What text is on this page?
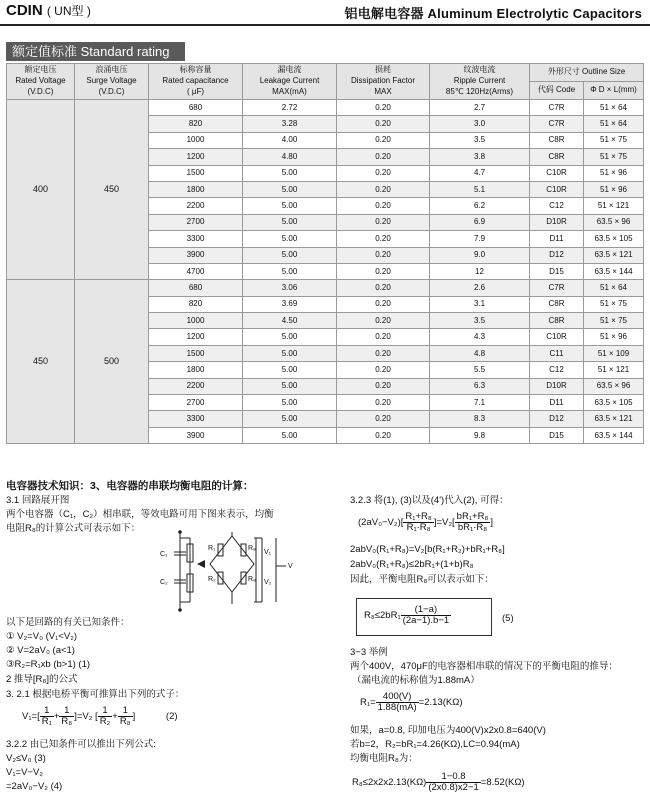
CDIN ( UN型 )	铝电解电容器 Aluminum Electrolytic Capacitors
额定值标准 Standard rating
额定电压
Rated Voltage
(V.D.C)	浪涌电压
Surge Voltage
(V.D.C)	标称容量
Rated capacitance
( μF)	漏电流
Leakage Current
MAX(mA)	损耗
Dissipation Factor
MAX	纹波电流
Ripple Current
85℃ 120Hz(Arms)	外形尺寸 Outline Size	
						代码 Code	Φ D × L(mm)
400	450	680	2.72	0.20	2.7	C7R	51 × 64
		820	3.28	0.20	3.0	C7R	51 × 64
		1000	4.00	0.20	3.5	C8R	51 × 75
		1200	4.80	0.20	3.8	C8R	51 × 75
		1500	5.00	0.20	4.7	C10R	51 × 96
		1800	5.00	0.20	5.1	C10R	51 × 96
		2200	5.00	0.20	6.2	C12	51 × 121
		2700	5.00	0.20	6.9	D10R	63.5 × 96
		3300	5.00	0.20	7.9	D11	63.5 × 105
		3900	5.00	0.20	9.0	D12	63.5 × 121
		4700	5.00	0.20	12	D15	63.5 × 144
450	500	680	3.06	0.20	2.6	C7R	51 × 64
		820	3.69	0.20	3.1	C8R	51 × 75
		1000	4.50	0.20	3.5	C8R	51 × 75
		1200	5.00	0.20	4.3	C10R	51 × 96
		1500	5.00	0.20	4.8	C11	51 × 109
		1800	5.00	0.20	5.5	C12	51 × 121
		2200	5.00	0.20	6.3	D10R	63.5 × 96
		2700	5.00	0.20	7.1	D11	63.5 × 105
		3300	5.00	0.20	8.3	D12	63.5 × 121
		3900	5.00	0.20	9.8	D15	63.5 × 144
电容器技术知识：3、电容器的串联均衡电阻的计算：
3.1 回路展开图
两个电容器（C₁，C₂）相串联，等效电路可用下图来表示，均衡
电阻R₈的计算公式可表示如下：
C₁
C₂
R₁
R₂
R₈
R₈
V₁
V₂
V
以下是回路的有关已知条件：
① V₂=V₀ (V₁<V₂)
② V=2aV₀ (a<1)
③R₂=R₁xb (b>1) (1)
2 推导[R₈]的公式
3. 2.1 根据电桥平衡可推算出下列的式子：
$V_1=[ \frac{1}{\text{R₁}} + \frac{1}{\text{R₈}} ]=V_2$ [ $\frac{1}{\text{R₂}} + \frac{1}{\text{R₈}}$ ]	(2)
3.2.2 由已知条件可以推出下列公式:
V₂≤V₀ (3)
V₁=V−V₂
=2aV₀−V₂ (4)
3.2.3 将(1), (3)以及(4')代入(2), 可得：
$(2aV_0-V_2)[ \frac{\text{R₁+R₈}}{\text{R₁·R₈}} ]=V_2[ \frac{\text{bR₁+R₈}}{\text{bR₁·R₈}}$ ]
2abV₀(R₁+R₈)=V₂[b(R₁+R₂)+bR₁+R₈]
2abV₀(R₁+R₈)≤2bR₁+(1+b)R₈
因此，平衡电阻R₈可以表示如下：
$R_8\le 2bR_1 \frac{(1-a)}{(2a-1).b-1}$	(5)
3−3 举例
两个400V，470μF的电容器相串联的情况下的平衡电阻的推导：
（漏电流的标称值为1.88mA）
$R_1= \frac{400(V)}{1.88(mA)} =2.13(K\Omega)$
如果，a=0.8, 印加电压为400(V)x2x0.8=640(V)
若b=2，R₂=bR₁=4.26(KΩ),LC=0.94(mA)
均衡电阻R₈为：
$R_8\le 2x2x2.13(K\Omega) \frac{1-0.8}{(2x0.8)x2-1} =8.52(K\Omega)$
